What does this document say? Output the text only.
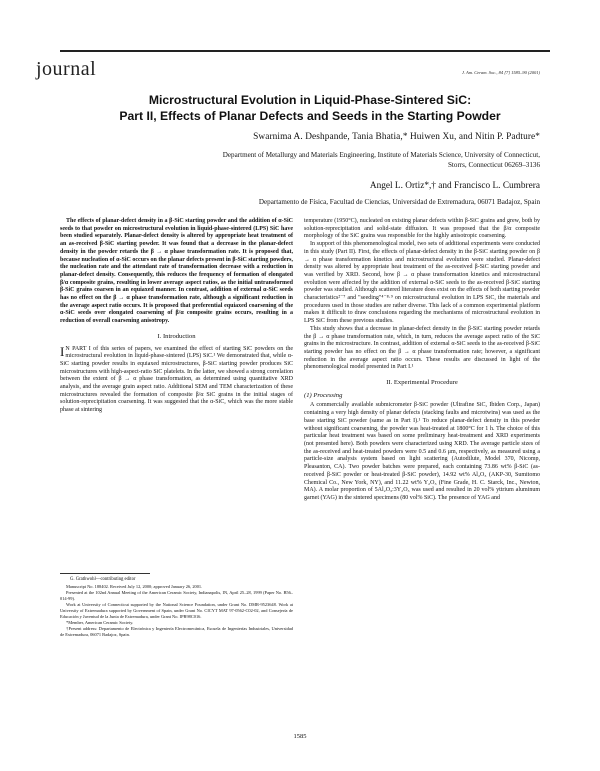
journal	J. Am. Ceram. Soc., 84 [7] 1585–90 (2001)
Microstructural Evolution in Liquid-Phase-Sintered SiC:
Part II, Effects of Planar Defects and Seeds in the Starting Powder
Swarnima A. Deshpande, Tania Bhatia,* Huiwen Xu, and Nitin P. Padture*
Department of Metallurgy and Materials Engineering, Institute of Materials Science, University of Connecticut,
Storrs, Connecticut 06269–3136
Angel L. Ortiz*,† and Francisco L. Cumbrera
Departamento de Física, Facultad de Ciencias, Universidad de Extremadura, 06071 Badajoz, Spain

The effects of planar-defect density in a β-SiC starting powder and the addition of α-SiC seeds to that powder on microstructural evolution in liquid-phase-sintered (LPS) SiC have been studied separately. Planar-defect density is altered by appropriate heat treatment of an as-received β-SiC starting powder. It was found that a decrease in the planar-defect density in the powder retards the β → α phase transformation rate. It is proposed that, because nucleation of α-SiC occurs on the planar defects present in β-SiC starting powders, the nucleation rate and the attendant rate of transformation decrease with a reduction in planar-defect density. Consequently, this reduces the frequency of formation of elongated β/α composite grains, resulting in lower average aspect ratios, as the initial untransformed β-SiC grains coarsen in an equiaxed manner. In contrast, addition of external α-SiC seeds has no effect on the β → α phase transformation rate, although a significant reduction in the average aspect ratio occurs. It is proposed that preferential equiaxed coarsening of the α-SiC seeds over elongated coarsening of β/α composite grains occurs, resulting in a reduction of overall coarsening anisotropy.

I. Introduction

I N PART I of this series of papers, we examined the effect of starting SiC powders on the microstructural evolution in liquid-phase-sintered (LPS) SiC.¹ We demonstrated that, while α-SiC starting powder results in equiaxed microstructures, β-SiC starting powder produces SiC microstructures with high-aspect-ratio SiC platelets. In the latter, we showed a strong correlation between the extent of β → α phase transformation, as determined using quantitative XRD analysis, and the average grain aspect ratio. Additional SEM and TEM characterization of these microstructures revealed the formation of composite β/α SiC grains in the initial stages of solution-reprecipitation coarsening. It was suggested that the α-SiC, which was the more stable phase at sintering

G. Grathwohl—contributing editor

Manuscript No. 188402. Received July 12, 2000; approved January 26, 2001.

Presented at the 102nd Annual Meeting of the American Ceramic Society, Indianapolis, IN, April 25–28, 1999 (Paper No. B56–014-99).

Work at University of Connecticut supported by the National Science Foundation, under Grant No. DMR-9523648. Work at University of Extremadura supported by Government of Spain, under Grant No. CICYT MAT 97-0562-C02-02, and Consejería de Educación y Juventud de la Junta de Extremadura, under Grant No. IPR98C016.

*Member, American Ceramic Society.

†Present address: Departamento de Electrónica y Ingeniería Electromecánica, Escuela de Ingenierías Industriales, Universidad de Extremadura, 06071 Badajoz, Spain.

temperature (1950°C), nucleated on existing planar defects within β-SiC grains and grew, both by solution-reprecipitation and solid-state diffusion. It was proposed that the β/α composite morphology of the SiC grains was responsible for the highly anisotropic coarsening.

In support of this phenomenological model, two sets of additional experiments were conducted in this study (Part II). First, the effects of planar-defect density in the β-SiC starting powder on β → α phase transformation kinetics and microstructural evolution were studied. Planar-defect density was altered by appropriate heat treatment of the as-received β-SiC starting powder and was verified by XRD. Second, how β → α phase transformation kinetics and microstructural evolution were affected by the addition of external α-SiC seeds to the as-received β-SiC starting powder was studied. Although scattered literature does exist on the effects of both starting powder characteristics²⁻⁷ and "seeding"⁴⁻⁸·⁹ on microstructural evolution in LPS SiC, the materials and procedures used in those studies are rather diverse. This lack of a common experimental platform makes it difficult to draw conclusions regarding the mechanisms of microstructural evolution in LPS SiC from these previous studies.

This study shows that a decrease in planar-defect density in the β-SiC starting powder retards the β → α phase transformation rate, which, in turn, reduces the average aspect ratio of the SiC grains in the microstructure. In contrast, addition of external α-SiC seeds to the as-received β-SiC starting powder has no effect on the β → α phase transformation rate; however, a significant reduction in the average aspect ratio occurs. These results are discussed in light of the phenomenological model presented in Part I.¹

II. Experimental Procedure
(1) Processing

A commercially available submicrometer β-SiC powder (Ultrafine SiC, Ibiden Corp., Japan) containing a very high density of planar defects (stacking faults and microtwins) was used as the base starting SiC powder (same as in Part I).¹ To reduce planar-defect density in this powder without significant coarsening, the powder was heat-treated at 1800°C for 1 h. The choice of this particular heat treatment was based on some preliminary heat-treatment and XRD experiments (not presented here). Both powders were characterized using XRD. The average particle sizes of the as-received and heat-treated powders were 0.5 and 0.6 μm, respectively, as measured using a particle-size analysis system based on light scattering (Autodilute, Model 370, Nicomp, Pleasanton, CA). Two powder batches were prepared, each containing 73.86 wt% β-SiC (as-received β-SiC powder or heat-treated β-SiC powder), 14.92 wt% Al₂O₃ (AKP-30, Sumitomo Chemical Co., New York, NY), and 11.22 wt% Y₂O₃ (Fine Grade, H. C. Starck, Inc., Newton, MA). A molar proportion of 5Al₂O₃:3Y₂O₃ was used and resulted in 20 vol% yttrium aluminum garnet (YAG) in the sintered specimens (80 vol% SiC). The presence of YAG and

1585
